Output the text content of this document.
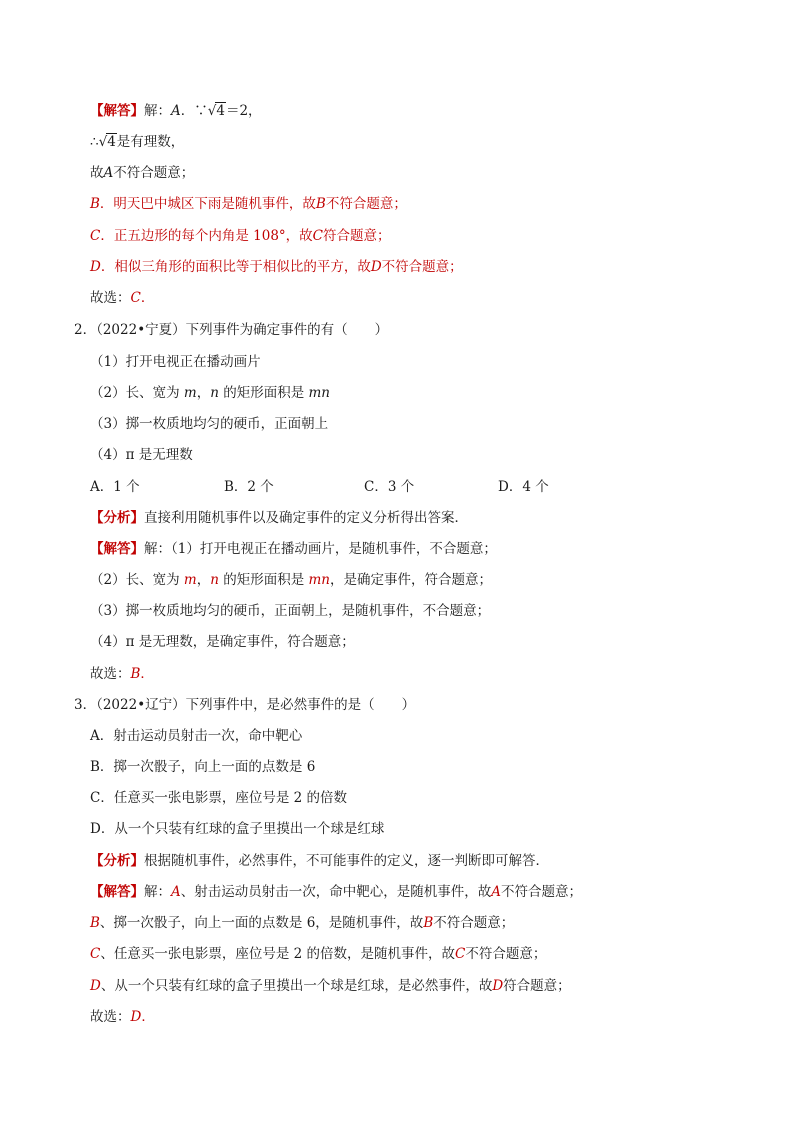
【解答】解：A．∵√4＝2，
∴√4是有理数，
故A不符合题意；
B．明天巴中城区下雨是随机事件，故B不符合题意；
C．正五边形的每个内角是 108°，故C符合题意；
D．相似三角形的面积比等于相似比的平方，故D不符合题意；
故选：C．
2．（2022•宁夏）下列事件为确定事件的有（　　）
（1）打开电视正在播动画片
（2）长、宽为 m，n 的矩形面积是 mn
（3）掷一枚质地均匀的硬币，正面朝上
（4）π 是无理数
A．1 个	B．2 个	C．3 个	D．4 个
【分析】直接利用随机事件以及确定事件的定义分析得出答案．
【解答】解：（1）打开电视正在播动画片，是随机事件，不合题意；
（2）长、宽为 m，n 的矩形面积是 mn，是确定事件，符合题意；
（3）掷一枚质地均匀的硬币，正面朝上，是随机事件，不合题意；
（4）π 是无理数，是确定事件，符合题意；
故选：B．
3．（2022•辽宁）下列事件中，是必然事件的是（　　）
A．射击运动员射击一次，命中靶心
B．掷一次骰子，向上一面的点数是 6
C．任意买一张电影票，座位号是 2 的倍数
D．从一个只装有红球的盒子里摸出一个球是红球
【分析】根据随机事件，必然事件，不可能事件的定义，逐一判断即可解答．
【解答】解：A、射击运动员射击一次，命中靶心，是随机事件，故A不符合题意；
B、掷一次骰子，向上一面的点数是 6，是随机事件，故B不符合题意；
C、任意买一张电影票，座位号是 2 的倍数，是随机事件，故C不符合题意；
D、从一个只装有红球的盒子里摸出一个球是红球，是必然事件，故D符合题意；
故选：D．
